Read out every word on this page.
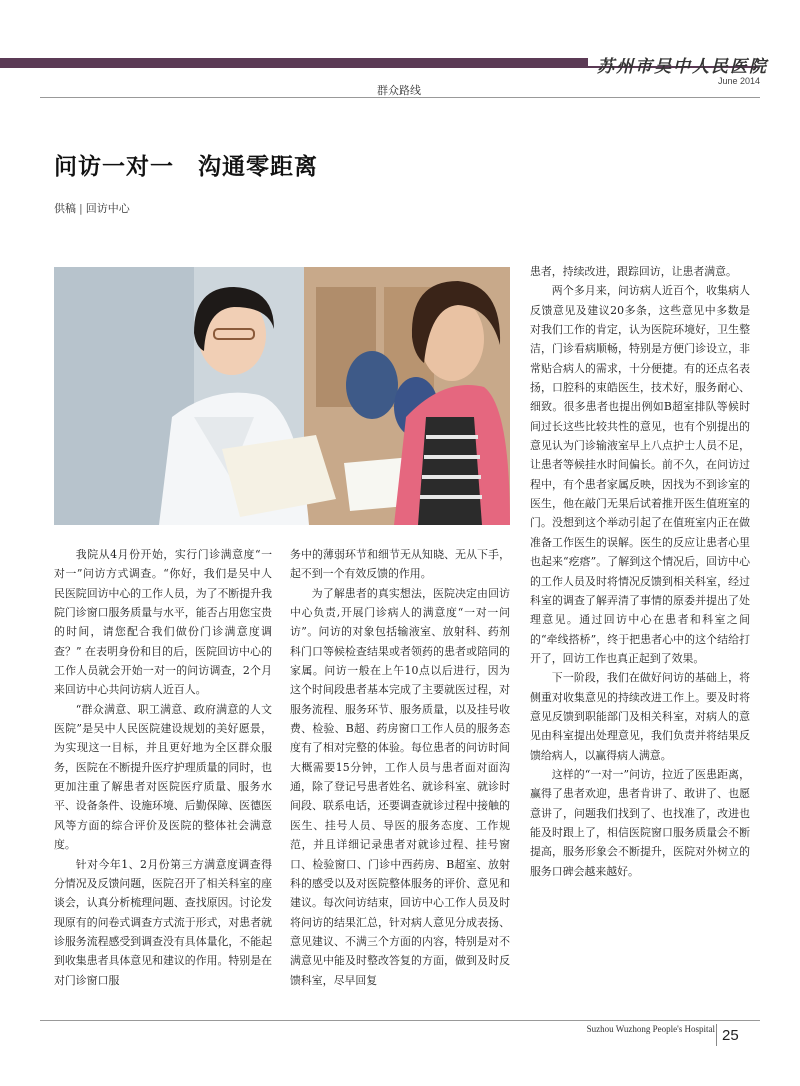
苏州市吴中人民医院
June 2014
群众路线
问访一对一　沟通零距离
供稿 | 回访中心

我院从4月份开始，实行门诊满意度“一对一”问访方式调查。“你好，我们是吴中人民医院回访中心的工作人员，为了不断提升我院门诊窗口服务质量与水平，能否占用您宝贵的时间，请您配合我们做份门诊满意度调查？” 在表明身份和目的后，医院回访中心的工作人员就会开始一对一的问访调查，2个月来回访中心共问访病人近百人。

“群众满意、职工满意、政府满意的人文医院”是吴中人民医院建设规划的美好愿景，为实现这一目标，并且更好地为全区群众服务，医院在不断提升医疗护理质量的同时，也更加注重了解患者对医院医疗质量、服务水平、设备条件、设施环境、后勤保障、医德医风等方面的综合评价及医院的整体社会满意度。

针对今年1、2月份第三方满意度调查得分情况及反馈问题，医院召开了相关科室的座谈会，认真分析梳理问题、查找原因。讨论发现原有的问卷式调查方式流于形式，对患者就诊服务流程感受到调查没有具体量化，不能起到收集患者具体意见和建议的作用。特别是在对门诊窗口服

务中的薄弱环节和细节无从知晓、无从下手，起不到一个有效反馈的作用。

为了解患者的真实想法，医院决定由回访中心负责,开展门诊病人的满意度“一对一问访”。问访的对象包括输液室、放射科、药剂科门口等候检查结果或者领药的患者或陪同的家属。问访一般在上午10点以后进行，因为这个时间段患者基本完成了主要就医过程，对服务流程、服务环节、服务质量，以及挂号收费、检验、B超、药房窗口工作人员的服务态度有了相对完整的体验。每位患者的问访时间大概需要15分钟，工作人员与患者面对面沟通，除了登记号患者姓名、就诊科室、就诊时间段、联系电话，还要调查就诊过程中接触的医生、挂号人员、导医的服务态度、工作规范，并且详细记录患者对就诊过程、挂号窗口、检验窗口、门诊中西药房、B超室、放射科的感受以及对医院整体服务的评价、意见和建议。每次问访结束，回访中心工作人员及时将问访的结果汇总，针对病人意见分成表扬、意见建议、不满三个方面的内容，特别是对不满意见中能及时整改答复的方面，做到及时反馈科室，尽早回复

患者，持续改进，跟踪回访，让患者满意。

两个多月来，问访病人近百个，收集病人反馈意见及建议20多条，这些意见中多数是对我们工作的肯定，认为医院环境好，卫生整洁，门诊看病顺畅，特别是方便门诊设立，非常贴合病人的需求，十分便捷。有的还点名表扬，口腔科的束皓医生，技术好，服务耐心、细致。很多患者也提出例如B超室排队等候时间过长这些比较共性的意见，也有个别提出的意见认为门诊输液室早上八点护士人员不足，让患者等候挂水时间偏长。前不久，在问访过程中，有个患者家属反映，因找为不到诊室的医生，他在敲门无果后试着推开医生值班室的门。没想到这个举动引起了在值班室内正在做准备工作医生的误解。医生的反应让患者心里也起来“疙瘩”。了解到这个情况后，回访中心的工作人员及时将情况反馈到相关科室，经过科室的调查了解弄清了事情的原委并提出了处理意见。通过回访中心在患者和科室之间的“牵线搭桥”，终于把患者心中的这个结给打开了，回访工作也真正起到了效果。

下一阶段，我们在做好问访的基础上，将侧重对收集意见的持续改进工作上。要及时将意见反馈到职能部门及相关科室，对病人的意见由科室提出处理意见，我们负责并将结果反馈给病人，以赢得病人满意。

这样的“一对一”问访，拉近了医患距离，赢得了患者欢迎，患者肯讲了、敢讲了、也愿意讲了，问题我们找到了、也找准了，改进也能及时跟上了，相信医院窗口服务质量会不断提高，服务形象会不断提升，医院对外树立的服务口碑会越来越好。

Suzhou Wuzhong People's Hospital 25
